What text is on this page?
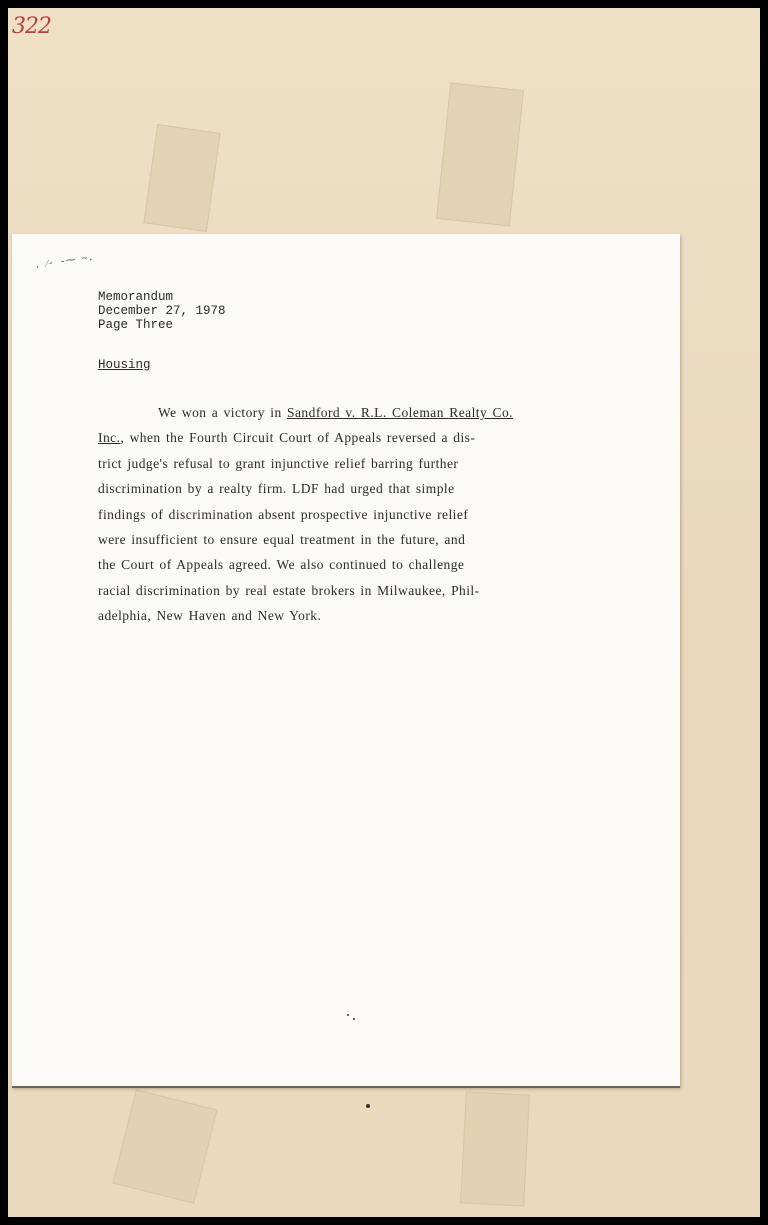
322
. ⁄- -⁓ ~.
Memorandum
December 27, 1978
Page Three
Housing
We won a victory in Sandford v. R.L. Coleman Realty Co.
Inc., when the Fourth Circuit Court of Appeals reversed a dis-
trict judge's refusal to grant injunctive relief barring further
discrimination by a realty firm. LDF had urged that simple
findings of discrimination absent prospective injunctive relief
were insufficient to ensure equal treatment in the future, and
the Court of Appeals agreed. We also continued to challenge
racial discrimination by real estate brokers in Milwaukee, Phil-
adelphia, New Haven and New York.
